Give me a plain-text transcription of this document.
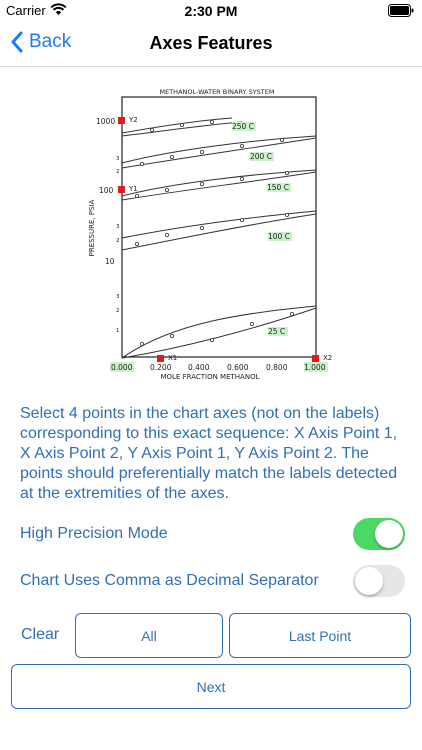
Carrier	2:30 PM
Back	Axes Features
METHANOL-WATER BINARY SYSTEM
PRESSURE, PSIA
1000
100
10
3
2
3
2
3
2
1
250 C
200 C
150 C
100 C
25 C
0.000 0.200 0.400 0.600 0.800 1.000
MOLE FRACTION METHANOL
Y2
Y1
X1	X2
Select 4 points in the chart axes (not on the labels) corresponding to this exact sequence: X Axis Point 1, X Axis Point 2, Y Axis Point 1, Y Axis Point 2. The points should preferentially match the labels detected at the extremities of the axes.
High Precision Mode
Chart Uses Comma as Decimal Separator
Clear	All	Last Point
Next
